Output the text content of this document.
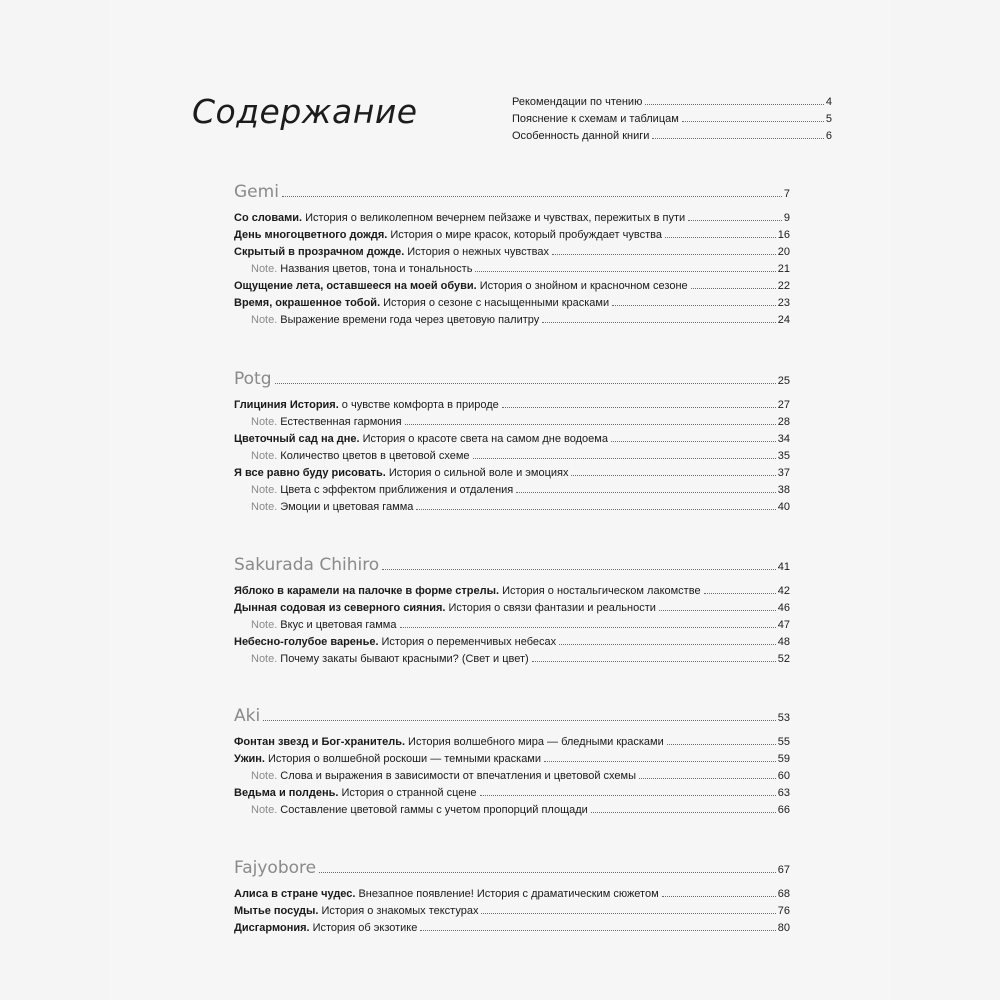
Содержание	Рекомендации по чтению	4
Пояснение к схемам и таблицам	5
Особенность данной книги	6
Gemi	7
Со словами. История о великолепном вечернем пейзаже и чувствах, пережитых в пути	9
День многоцветного дождя. История о мире красок, который пробуждает чувства	16
Скрытый в прозрачном дожде. История о нежных чувствах	20
Note. Названия цветов, тона и тональность	21
Ощущение лета, оставшееся на моей обуви. История о знойном и красночном сезоне	22
Время, окрашенное тобой. История о сезоне с насыщенными красками	23
Note. Выражение времени года через цветовую палитру	24
Potg	25
Глициния История. о чувстве комфорта в природе	27
Note. Естественная гармония	28
Цветочный сад на дне. История о красоте света на самом дне водоема	34
Note. Количество цветов в цветовой схеме	35
Я все равно буду рисовать. История о сильной воле и эмоциях	37
Note. Цвета с эффектом приближения и отдаления	38
Note. Эмоции и цветовая гамма	40
Sakurada Chihiro	41
Яблоко в карамели на палочке в форме стрелы. История о ностальгическом лакомстве	42
Дынная содовая из северного сияния. История о связи фантазии и реальности	46
Note. Вкус и цветовая гамма	47
Небесно-голубое варенье. История о переменчивых небесах	48
Note. Почему закаты бывают красными? (Свет и цвет)	52
Aki	53
Фонтан звезд и Бог-хранитель. История волшебного мира — бледными красками	55
Ужин. История о волшебной роскоши — темными красками	59
Note. Слова и выражения в зависимости от впечатления и цветовой схемы	60
Ведьма и полдень. История о странной сцене	63
Note. Составление цветовой гаммы с учетом пропорций площади	66
Fajyobore	67
Алиса в стране чудес. Внезапное появление! История с драматическим сюжетом	68
Мытье посуды. История о знакомых текстурах	76
Дисгармония. История об экзотике	80
